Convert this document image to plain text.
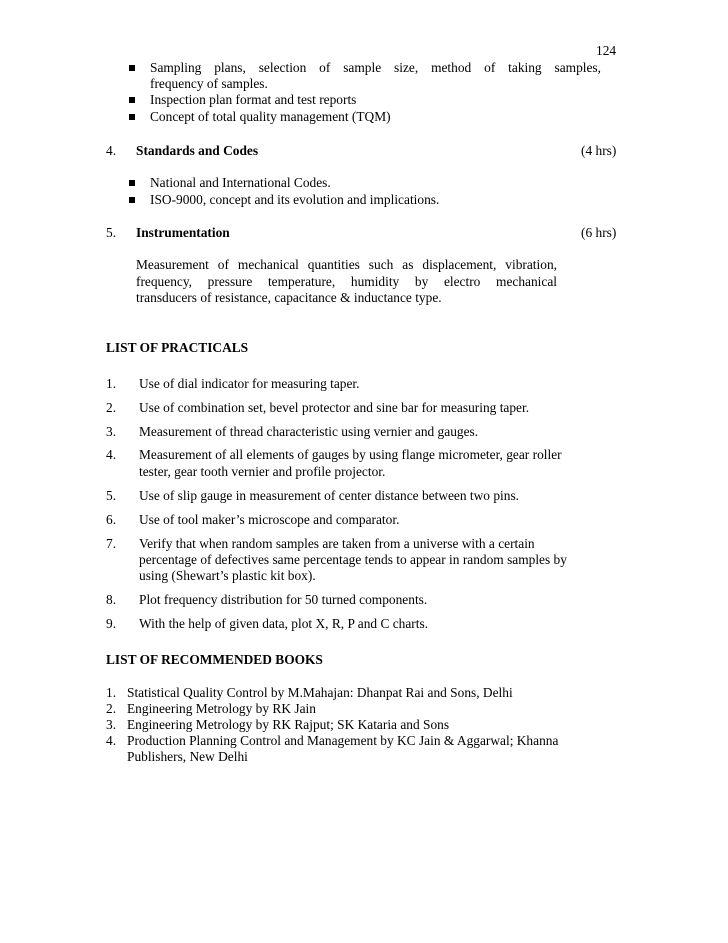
124
Sampling plans, selection of sample size, method of taking samples,
frequency of samples.
Inspection plan format and test reports
Concept of total quality management (TQM)
4. Standards and Codes	(4 hrs)
National and International Codes.
ISO-9000, concept and its evolution and implications.
5. Instrumentation	(6 hrs)
Measurement of mechanical quantities such as displacement, vibration,
frequency, pressure temperature, humidity by electro mechanical
transducers of resistance, capacitance & inductance type.
LIST OF PRACTICALS
1. Use of dial indicator for measuring taper.
2. Use of combination set, bevel protector and sine bar for measuring taper.
3. Measurement of thread characteristic using vernier and gauges.
4. Measurement of all elements of gauges by using flange micrometer, gear roller
tester, gear tooth vernier and profile projector.
5. Use of slip gauge in measurement of center distance between two pins.
6. Use of tool maker’s microscope and comparator.
7. Verify that when random samples are taken from a universe with a certain
percentage of defectives same percentage tends to appear in random samples by
using (Shewart’s plastic kit box).
8. Plot frequency distribution for 50 turned components.
9. With the help of given data, plot X, R, P and C charts.
LIST OF RECOMMENDED BOOKS
1. Statistical Quality Control by M.Mahajan: Dhanpat Rai and Sons, Delhi
2. Engineering Metrology by RK Jain
3. Engineering Metrology by RK Rajput; SK Kataria and Sons
4. Production Planning Control and Management by KC Jain & Aggarwal; Khanna
Publishers, New Delhi
